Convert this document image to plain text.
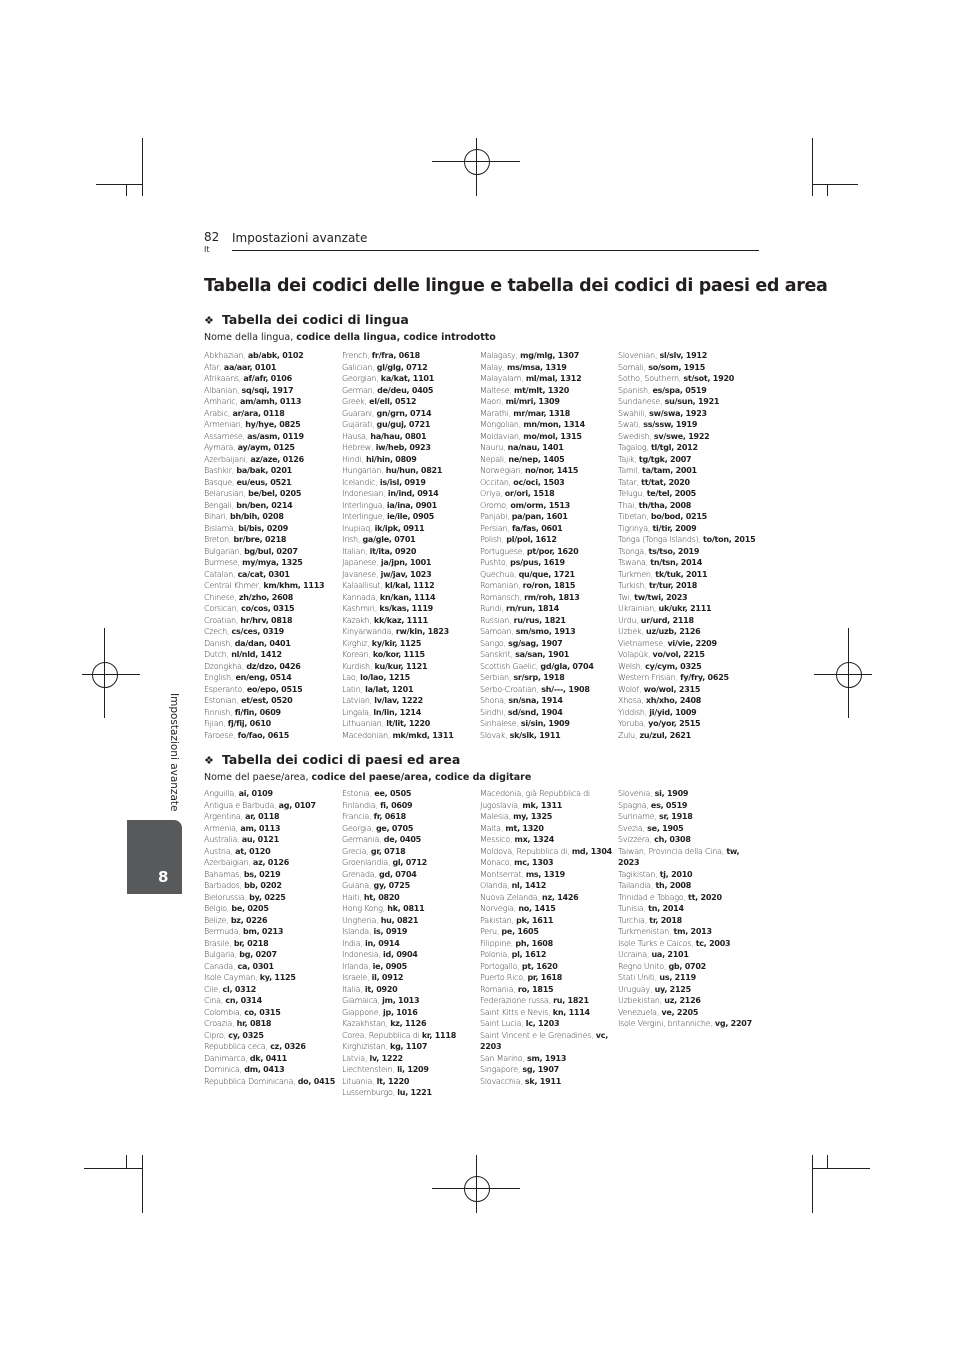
82
It
Impostazioni avanzate
Tabella dei codici delle lingue e tabella dei codici di paesi ed area
❖ Tabella dei codici di lingua
Nome della lingua, codice della lingua, codice introdotto
Abkhazian, ab/abk, 0102
Afar, aa/aar, 0101
Afrikaans, af/afr, 0106
Albanian, sq/sqi, 1917
Amharic, am/amh, 0113
Arabic, ar/ara, 0118
Armenian, hy/hye, 0825
Assamese, as/asm, 0119
Aymara, ay/aym, 0125
Azerbaijani, az/aze, 0126
Bashkir, ba/bak, 0201
Basque, eu/eus, 0521
Belarusian, be/bel, 0205
Bengali, bn/ben, 0214
Bihari, bh/bih, 0208
Bislama, bi/bis, 0209
Breton, br/bre, 0218
Bulgarian, bg/bul, 0207
Burmese, my/mya, 1325
Catalan, ca/cat, 0301
Central Khmer, km/khm, 1113
Chinese, zh/zho, 2608
Corsican, co/cos, 0315
Croatian, hr/hrv, 0818
Czech, cs/ces, 0319
Danish, da/dan, 0401
Dutch, nl/nld, 1412
Dzongkha, dz/dzo, 0426
English, en/eng, 0514
Esperanto, eo/epo, 0515
Estonian, et/est, 0520
Finnish, fi/fin, 0609
Fijian, fj/fij, 0610
Faroese, fo/fao, 0615
French, fr/fra, 0618
Galician, gl/glg, 0712
Georgian, ka/kat, 1101
German, de/deu, 0405
Greek, el/ell, 0512
Guarani, gn/grn, 0714
Gujarati, gu/guj, 0721
Hausa, ha/hau, 0801
Hebrew, iw/heb, 0923
Hindi, hi/hin, 0809
Hungarian, hu/hun, 0821
Icelandic, is/isl, 0919
Indonesian, in/ind, 0914
Interlingua, ia/ina, 0901
Interlingue, ie/ile, 0905
Inupiaq, ik/ipk, 0911
Irish, ga/gle, 0701
Italian, it/ita, 0920
Japanese, ja/jpn, 1001
Javanese, jw/jav, 1023
Kalaallisut, kl/kal, 1112
Kannada, kn/kan, 1114
Kashmiri, ks/kas, 1119
Kazakh, kk/kaz, 1111
Kinyarwanda, rw/kin, 1823
Kirghiz, ky/kir, 1125
Korean, ko/kor, 1115
Kurdish, ku/kur, 1121
Lao, lo/lao, 1215
Latin, la/lat, 1201
Latvian, lv/lav, 1222
Lingala, ln/lin, 1214
Lithuanian, lt/lit, 1220
Macedonian, mk/mkd, 1311
Malagasy, mg/mlg, 1307
Malay, ms/msa, 1319
Malayalam, ml/mal, 1312
Maltese, mt/mlt, 1320
Maori, mi/mri, 1309
Marathi, mr/mar, 1318
Mongolian, mn/mon, 1314
Moldavian, mo/mol, 1315
Nauru, na/nau, 1401
Nepali, ne/nep, 1405
Norwegian, no/nor, 1415
Occitan, oc/oci, 1503
Oriya, or/ori, 1518
Oromo, om/orm, 1513
Panjabi, pa/pan, 1601
Persian, fa/fas, 0601
Polish, pl/pol, 1612
Portuguese, pt/por, 1620
Pushto, ps/pus, 1619
Quechua, qu/que, 1721
Romanian, ro/ron, 1815
Romansch, rm/roh, 1813
Rundi, rn/run, 1814
Russian, ru/rus, 1821
Samoan, sm/smo, 1913
Sango, sg/sag, 1907
Sanskrit, sa/san, 1901
Scottish Gaelic, gd/gla, 0704
Serbian, sr/srp, 1918
Serbo-Croatian, sh/---, 1908
Shona, sn/sna, 1914
Sindhi, sd/snd, 1904
Sinhalese, si/sin, 1909
Slovak, sk/slk, 1911
Slovenian, sl/slv, 1912
Somali, so/som, 1915
Sotho, Southern, st/sot, 1920
Spanish, es/spa, 0519
Sundanese, su/sun, 1921
Swahili, sw/swa, 1923
Swati, ss/ssw, 1919
Swedish, sv/swe, 1922
Tagalog, tl/tgl, 2012
Tajik, tg/tgk, 2007
Tamil, ta/tam, 2001
Tatar, tt/tat, 2020
Telugu, te/tel, 2005
Thai, th/tha, 2008
Tibetan, bo/bod, 0215
Tigrinya, ti/tir, 2009
Tonga (Tonga Islands), to/ton, 2015
Tsonga, ts/tso, 2019
Tswana, tn/tsn, 2014
Turkmen, tk/tuk, 2011
Turkish, tr/tur, 2018
Twi, tw/twi, 2023
Ukrainian, uk/ukr, 2111
Urdu, ur/urd, 2118
Uzbek, uz/uzb, 2126
Vietnamese, vi/vie, 2209
Volapük, vo/vol, 2215
Welsh, cy/cym, 0325
Western Frisian, fy/fry, 0625
Wolof, wo/wol, 2315
Xhosa, xh/xho, 2408
Yiddish, ji/yid, 1009
Yoruba, yo/yor, 2515
Zulu, zu/zul, 2621
❖ Tabella dei codici di paesi ed area
Nome del paese/area, codice del paese/area, codice da digitare
Anguilla, ai, 0109
Antigua e Barbuda, ag, 0107
Argentina, ar, 0118
Armenia, am, 0113
Australia, au, 0121
Austria, at, 0120
Azerbaigian, az, 0126
Bahamas, bs, 0219
Barbados, bb, 0202
Bielorussia, by, 0225
Belgio, be, 0205
Belize, bz, 0226
Bermuda, bm, 0213
Brasile, br, 0218
Bulgaria, bg, 0207
Canada, ca, 0301
Isole Cayman, ky, 1125
Cile, cl, 0312
Cina, cn, 0314
Colombia, co, 0315
Croazia, hr, 0818
Cipro, cy, 0325
Repubblica ceca, cz, 0326
Danimarca, dk, 0411
Dominica, dm, 0413
Repubblica Dominicana, do, 0415
Estonia, ee, 0505
Finlandia, fi, 0609
Francia, fr, 0618
Georgia, ge, 0705
Germania, de, 0405
Grecia, gr, 0718
Groenlandia, gl, 0712
Grenada, gd, 0704
Guiana, gy, 0725
Haiti, ht, 0820
Hong Kong, hk, 0811
Ungheria, hu, 0821
Islanda, is, 0919
India, in, 0914
Indonesia, id, 0904
Irlanda, ie, 0905
Israele, il, 0912
Italia, it, 0920
Giamaica, jm, 1013
Giappone, jp, 1016
Kazakhstan, kz, 1126
Corea, Repubblica di kr, 1118
Kirghizistan, kg, 1107
Latvia, lv, 1222
Liechtenstein, li, 1209
Lituania, lt, 1220
Lussemburgo, lu, 1221
Macedonia, già Repubblica di Jugoslavia, mk, 1311
Malesia, my, 1325
Malta, mt, 1320
Messico, mx, 1324
Moldova, Repubblica di, md, 1304
Monaco, mc, 1303
Montserrat, ms, 1319
Olanda, nl, 1412
Nuova Zelanda, nz, 1426
Norvegia, no, 1415
Pakistan, pk, 1611
Peru, pe, 1605
Filippine, ph, 1608
Polonia, pl, 1612
Portogallo, pt, 1620
Puerto Rico, pr, 1618
Romania, ro, 1815
Federazione russa, ru, 1821
Saint Kitts e Nevis, kn, 1114
Saint Lucia, lc, 1203
Saint Vincent e le Grenadines, vc, 2203
San Marino, sm, 1913
Singapore, sg, 1907
Slovacchia, sk, 1911
Slovenia, si, 1909
Spagna, es, 0519
Suriname, sr, 1918
Svezia, se, 1905
Svizzera, ch, 0308
Taiwan, Provincia della Cina, tw, 2023
Tagikistan, tj, 2010
Tailandia, th, 2008
Trinidad e Tobago, tt, 2020
Tunisia, tn, 2014
Turchia, tr, 2018
Turkmenistan, tm, 2013
Isole Turks e Caicos, tc, 2003
Ucraina, ua, 2101
Regno Unito, gb, 0702
Stati Uniti, us, 2119
Uruguay, uy, 2125
Uzbekistan, uz, 2126
Venezuela, ve, 2205
Isole Vergini, britanniche, vg, 2207
Impostazioni avanzate
8
